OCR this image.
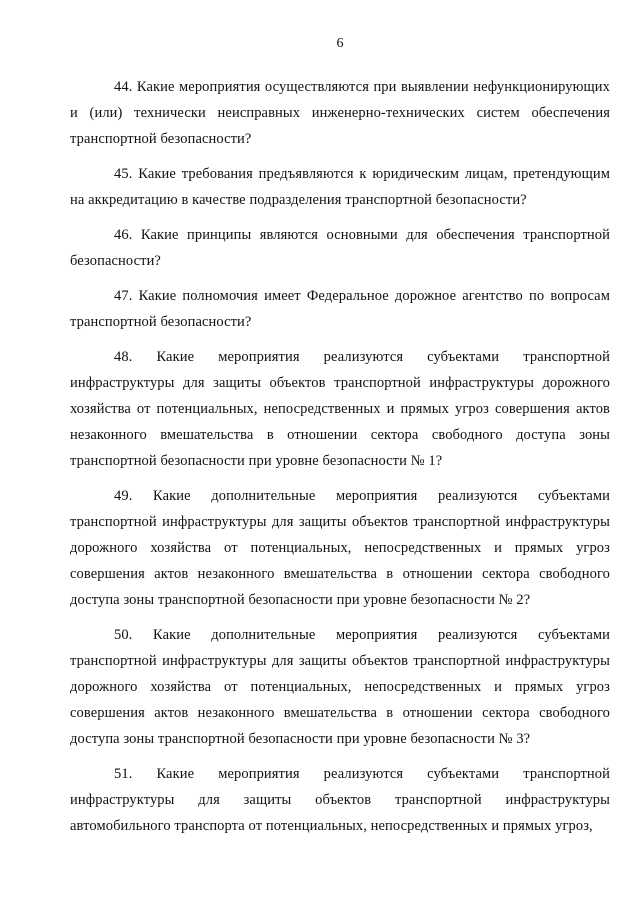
6

44. Какие мероприятия осуществляются при выявлении нефункционирующих и (или) технически неисправных инженерно-технических систем обеспечения транспортной безопасности?

45. Какие требования предъявляются к юридическим лицам, претендующим на аккредитацию в качестве подразделения транспортной безопасности?

46. Какие принципы являются основными для обеспечения транспортной безопасности?

47. Какие полномочия имеет Федеральное дорожное агентство по вопросам транспортной безопасности?

48. Какие мероприятия реализуются субъектами транспортной инфраструктуры для защиты объектов транспортной инфраструктуры дорожного хозяйства от потенциальных, непосредственных и прямых угроз совершения актов незаконного вмешательства в отношении сектора свободного доступа зоны транспортной безопасности при уровне безопасности № 1?

49. Какие дополнительные мероприятия реализуются субъектами транспортной инфраструктуры для защиты объектов транспортной инфраструктуры дорожного хозяйства от потенциальных, непосредственных и прямых угроз совершения актов незаконного вмешательства в отношении сектора свободного доступа зоны транспортной безопасности при уровне безопасности № 2?

50. Какие дополнительные мероприятия реализуются субъектами транспортной инфраструктуры для защиты объектов транспортной инфраструктуры дорожного хозяйства от потенциальных, непосредственных и прямых угроз совершения актов незаконного вмешательства в отношении сектора свободного доступа зоны транспортной безопасности при уровне безопасности № 3?

51. Какие мероприятия реализуются субъектами транспортной инфраструктуры для защиты объектов транспортной инфраструктуры автомобильного транспорта от потенциальных, непосредственных и прямых угроз,
